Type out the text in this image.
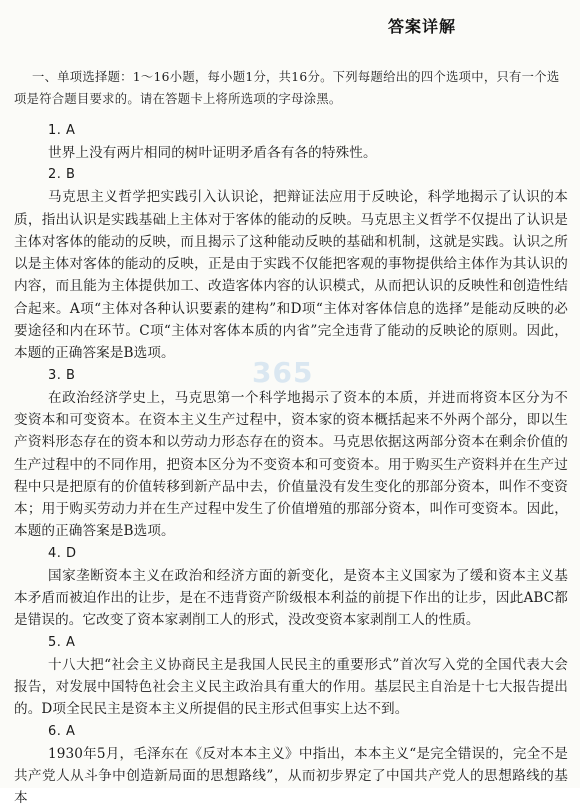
答案详解
一、单项选择题：1～16小题，每小题1分，共16分。下列每题给出的四个选项中，只有一个选项是符合题目要求的。请在答题卡上将所选项的字母涂黑。
365
1. A

世界上没有两片相同的树叶证明矛盾各有各的特殊性。

2. B

马克思主义哲学把实践引入认识论，把辩证法应用于反映论，科学地揭示了认识的本质，指出认识是实践基础上主体对于客体的能动的反映。马克思主义哲学不仅提出了认识是主体对客体的能动的反映，而且揭示了这种能动反映的基础和机制，这就是实践。认识之所以是主体对客体的能动的反映，正是由于实践不仅能把客观的事物提供给主体作为其认识的内容，而且能为主体提供加工、改造客体内容的认识模式，从而把认识的反映性和创造性结合起来。A项“主体对各种认识要素的建构”和D项“主体对客体信息的选择”是能动反映的必要途径和内在环节。C项“主体对客体本质的内省”完全违背了能动的反映论的原则。因此，本题的正确答案是B选项。

3. B

在政治经济学史上，马克思第一个科学地揭示了资本的本质，并进而将资本区分为不变资本和可变资本。在资本主义生产过程中，资本家的资本概括起来不外两个部分，即以生产资料形态存在的资本和以劳动力形态存在的资本。马克思依据这两部分资本在剩余价值的生产过程中的不同作用，把资本区分为不变资本和可变资本。用于购买生产资料并在生产过程中只是把原有的价值转移到新产品中去，价值量没有发生变化的那部分资本，叫作不变资本；用于购买劳动力并在生产过程中发生了价值增殖的那部分资本，叫作可变资本。因此，本题的正确答案是B选项。

4. D

国家垄断资本主义在政治和经济方面的新变化，是资本主义国家为了缓和资本主义基本矛盾而被迫作出的让步，是在不违背资产阶级根本利益的前提下作出的让步，因此ABC都是错误的。它改变了资本家剥削工人的形式，没改变资本家剥削工人的性质。

5. A

十八大把“社会主义协商民主是我国人民民主的重要形式”首次写入党的全国代表大会报告，对发展中国特色社会主义民主政治具有重大的作用。基层民主自治是十七大报告提出的。D项全民民主是资本主义所提倡的民主形式但事实上达不到。

6. A

1930年5月，毛泽东在《反对本本主义》中指出，本本主义“是完全错误的，完全不是共产党人从斗争中创造新局面的思想路线”，从而初步界定了中国共产党人的思想路线的基本
